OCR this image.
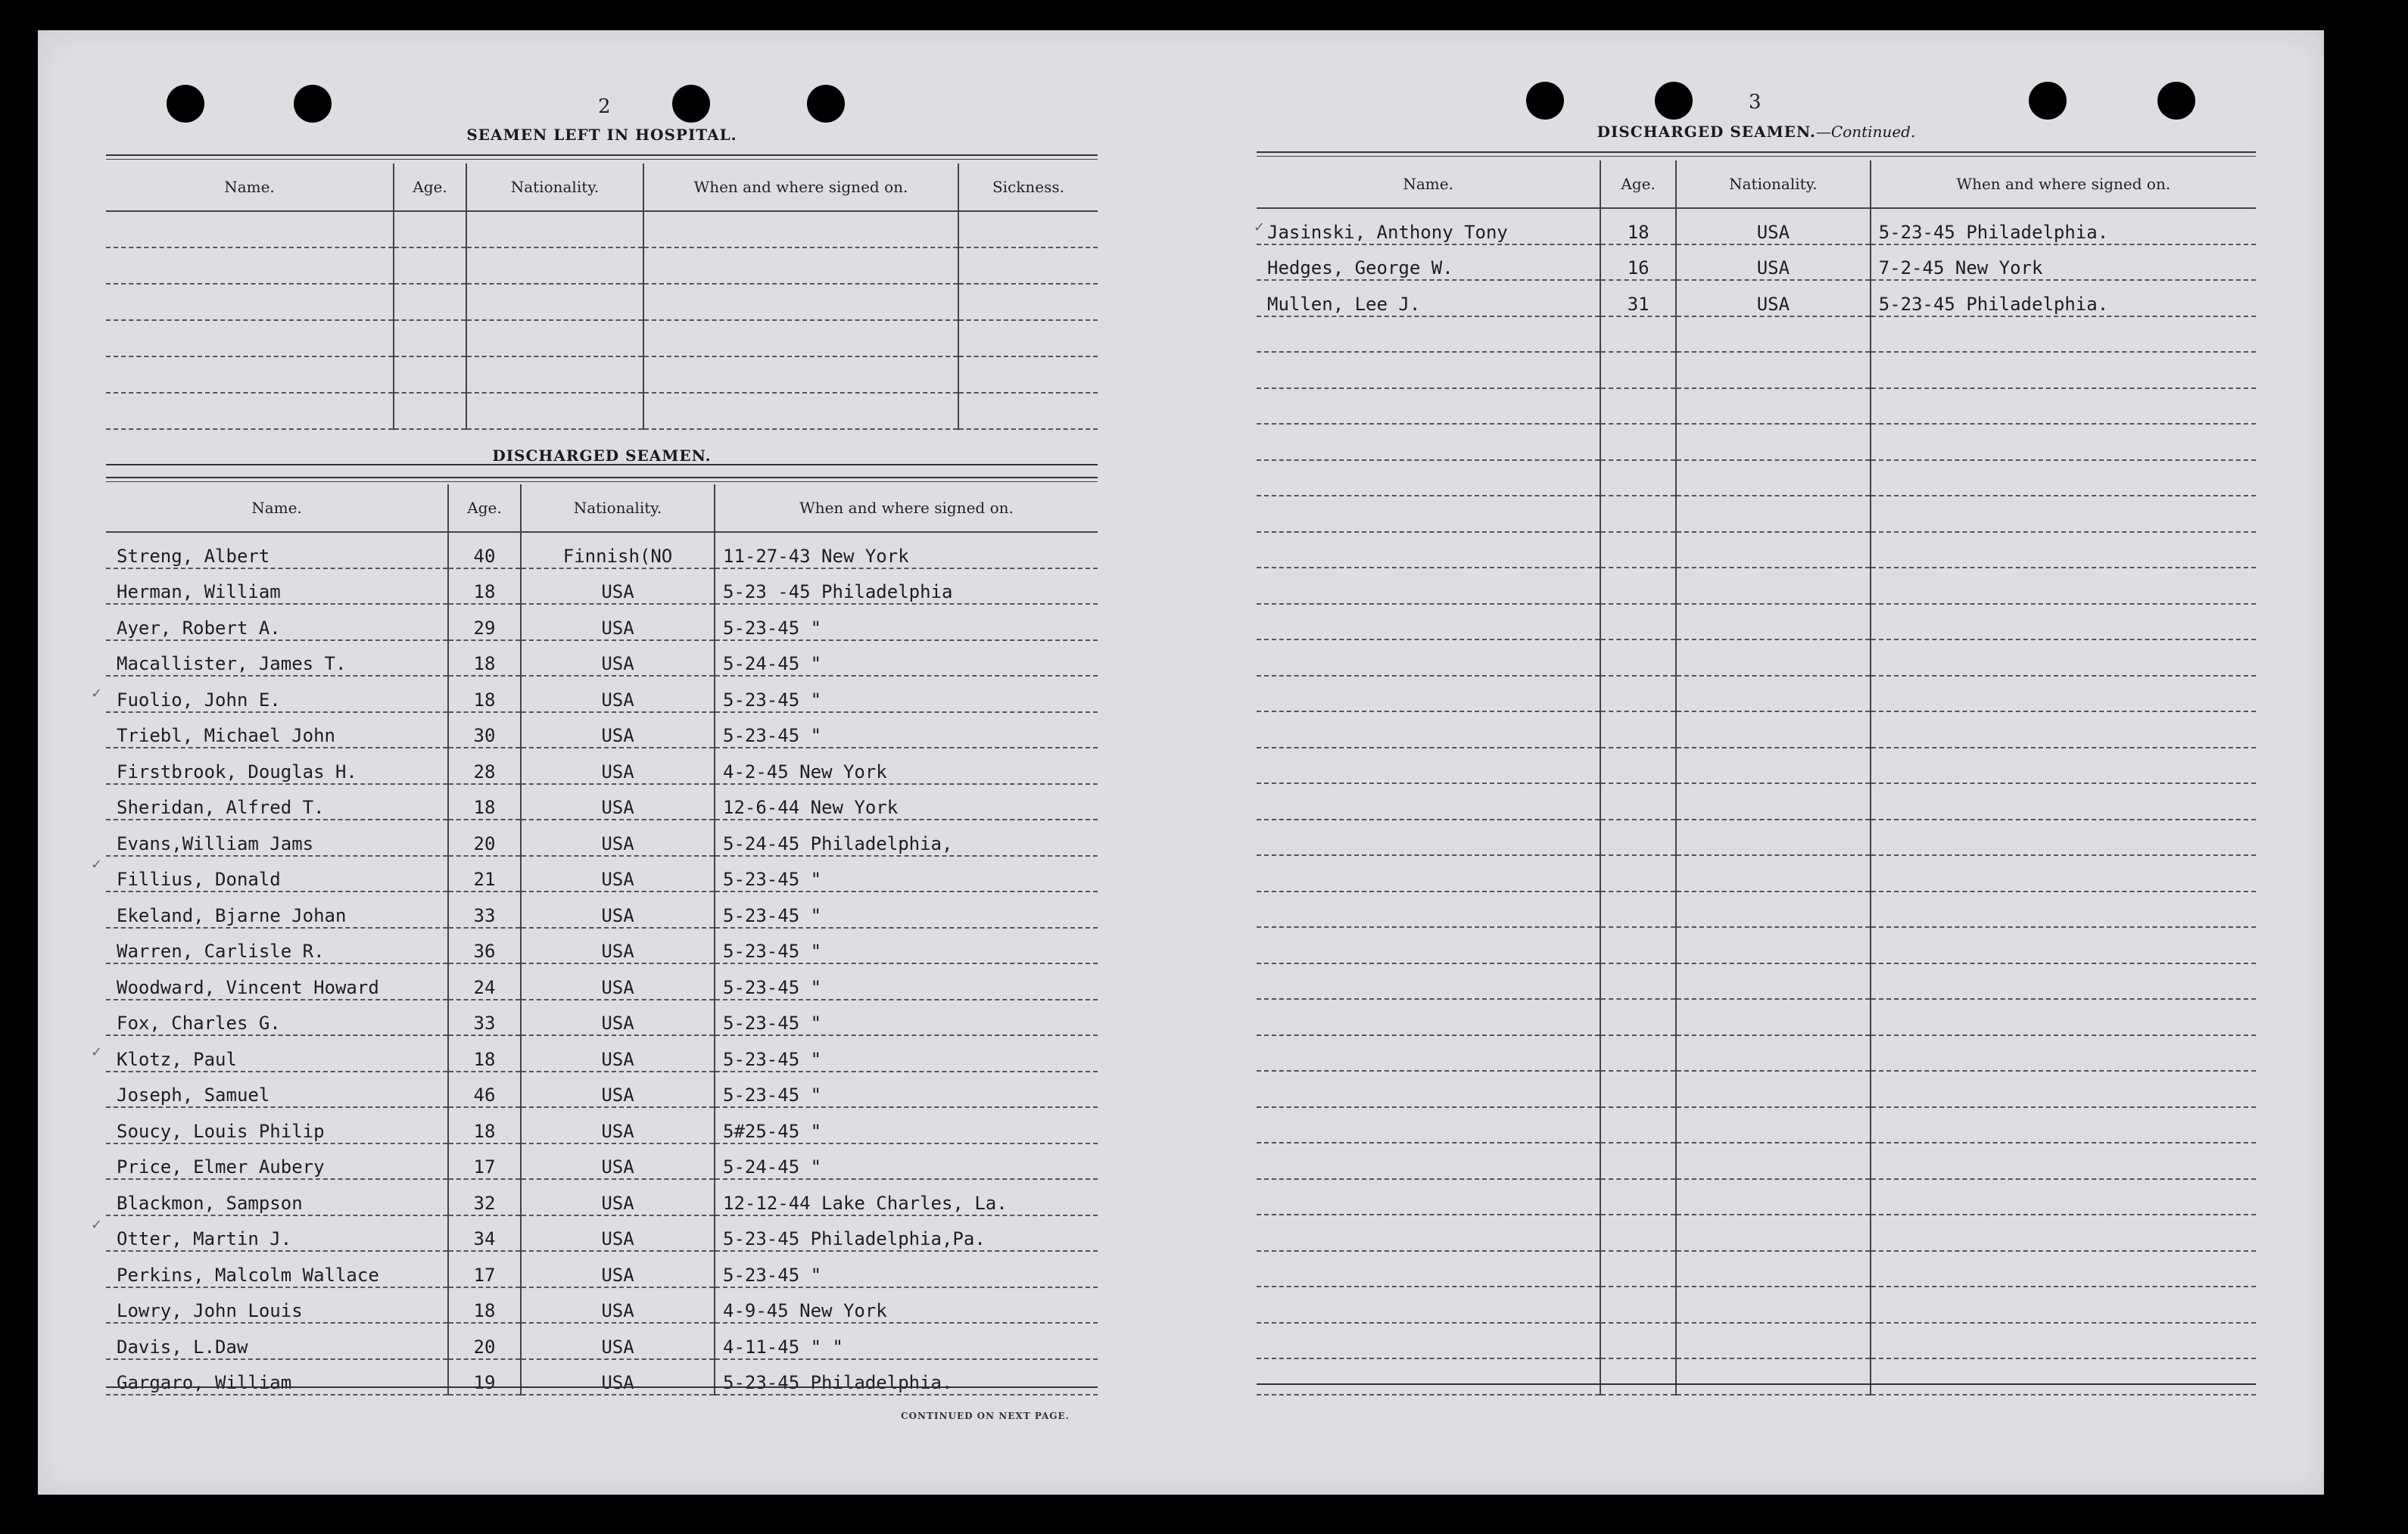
2
SEAMEN LEFT IN HOSPITAL.
Name.	Age.	Nationality.	When and where signed on.	Sickness.

DISCHARGED SEAMEN.
Name.	Age.	Nationality.	When and where signed on.
Streng, Albert	40	Finnish(NO	11-27-43 New York
Herman, William	18	USA	5-23 -45 Philadelphia
Ayer, Robert A.	29	USA	5-23-45 "
Macallister, James T.	18	USA	5-24-45 "
Fuolio, John E.	18	USA	5-23-45 "
Triebl, Michael John	30	USA	5-23-45 "
Firstbrook, Douglas H.	28	USA	4-2-45 New York
Sheridan, Alfred T.	18	USA	12-6-44 New York
Evans,William Jams	20	USA	5-24-45 Philadelphia,
Fillius, Donald	21	USA	5-23-45 "
Ekeland, Bjarne Johan	33	USA	5-23-45 "
Warren, Carlisle R.	36	USA	5-23-45 "
Woodward, Vincent Howard	24	USA	5-23-45 "
Fox, Charles G.	33	USA	5-23-45 "
Klotz, Paul	18	USA	5-23-45 "
Joseph, Samuel	46	USA	5-23-45 "
Soucy, Louis Philip	18	USA	5#25-45 "
Price, Elmer Aubery	17	USA	5-24-45 "
Blackmon, Sampson	32	USA	12-12-44 Lake Charles, La.
Otter, Martin J.	34	USA	5-23-45 Philadelphia,Pa.
Perkins, Malcolm Wallace	17	USA	5-23-45 "
Lowry, John Louis	18	USA	4-9-45 New York
Davis, L.Daw	20	USA	4-11-45 " "
Gargaro, William	19	USA	5-23-45 Philadelphia.
CONTINUED ON NEXT PAGE.
✓
✓
✓
✓
3
DISCHARGED SEAMEN.—Continued.
Name.	Age.	Nationality.	When and where signed on.
Jasinski, Anthony Tony	18	USA	5-23-45 Philadelphia.
Hedges, George W.	16	USA	7-2-45 New York
Mullen, Lee J.	31	USA	5-23-45 Philadelphia.

✓
